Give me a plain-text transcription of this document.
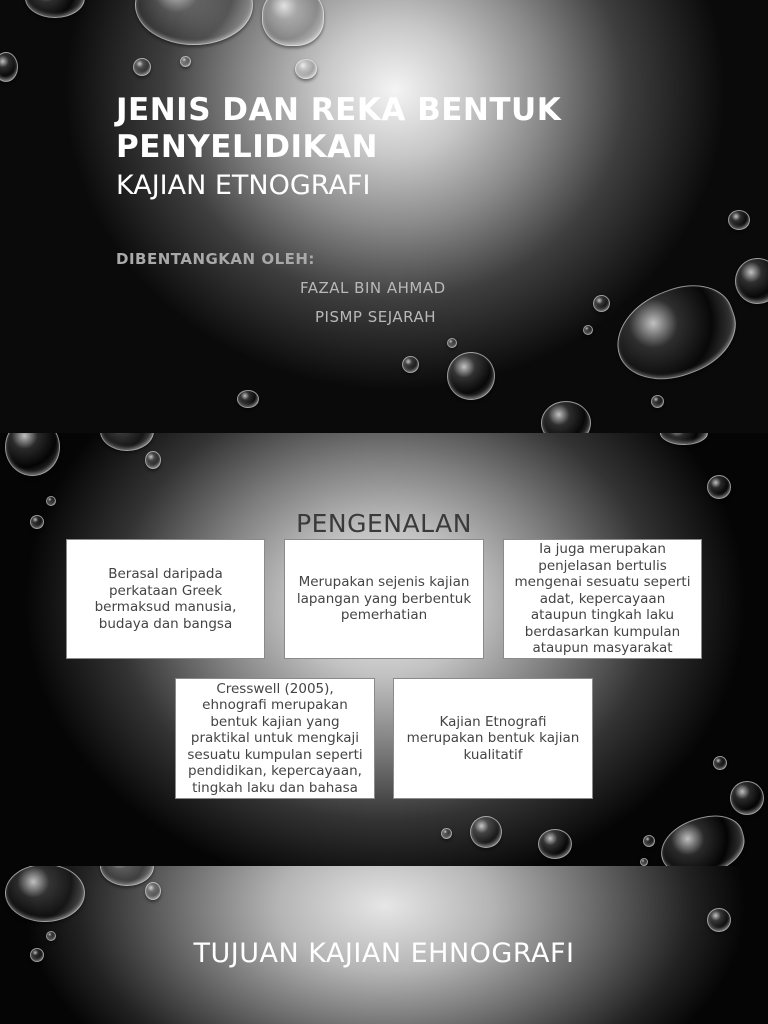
JENIS DAN REKA BENTUK PENYELIDIKAN
KAJIAN ETNOGRAFI
DIBENTANGKAN OLEH:
FAZAL BIN AHMAD
PISMP SEJARAH
PENGENALAN
Berasal daripada perkataan Greek bermaksud manusia, budaya dan bangsa
Merupakan sejenis kajian lapangan yang berbentuk pemerhatian
Ia juga merupakan penjelasan bertulis mengenai sesuatu seperti adat, kepercayaan ataupun tingkah laku berdasarkan kumpulan ataupun masyarakat
Cresswell (2005), ehnografi merupakan bentuk kajian yang praktikal untuk mengkaji sesuatu kumpulan seperti pendidikan, kepercayaan, tingkah laku dan bahasa
Kajian Etnografi merupakan bentuk kajian kualitatif
TUJUAN KAJIAN EHNOGRAFI
